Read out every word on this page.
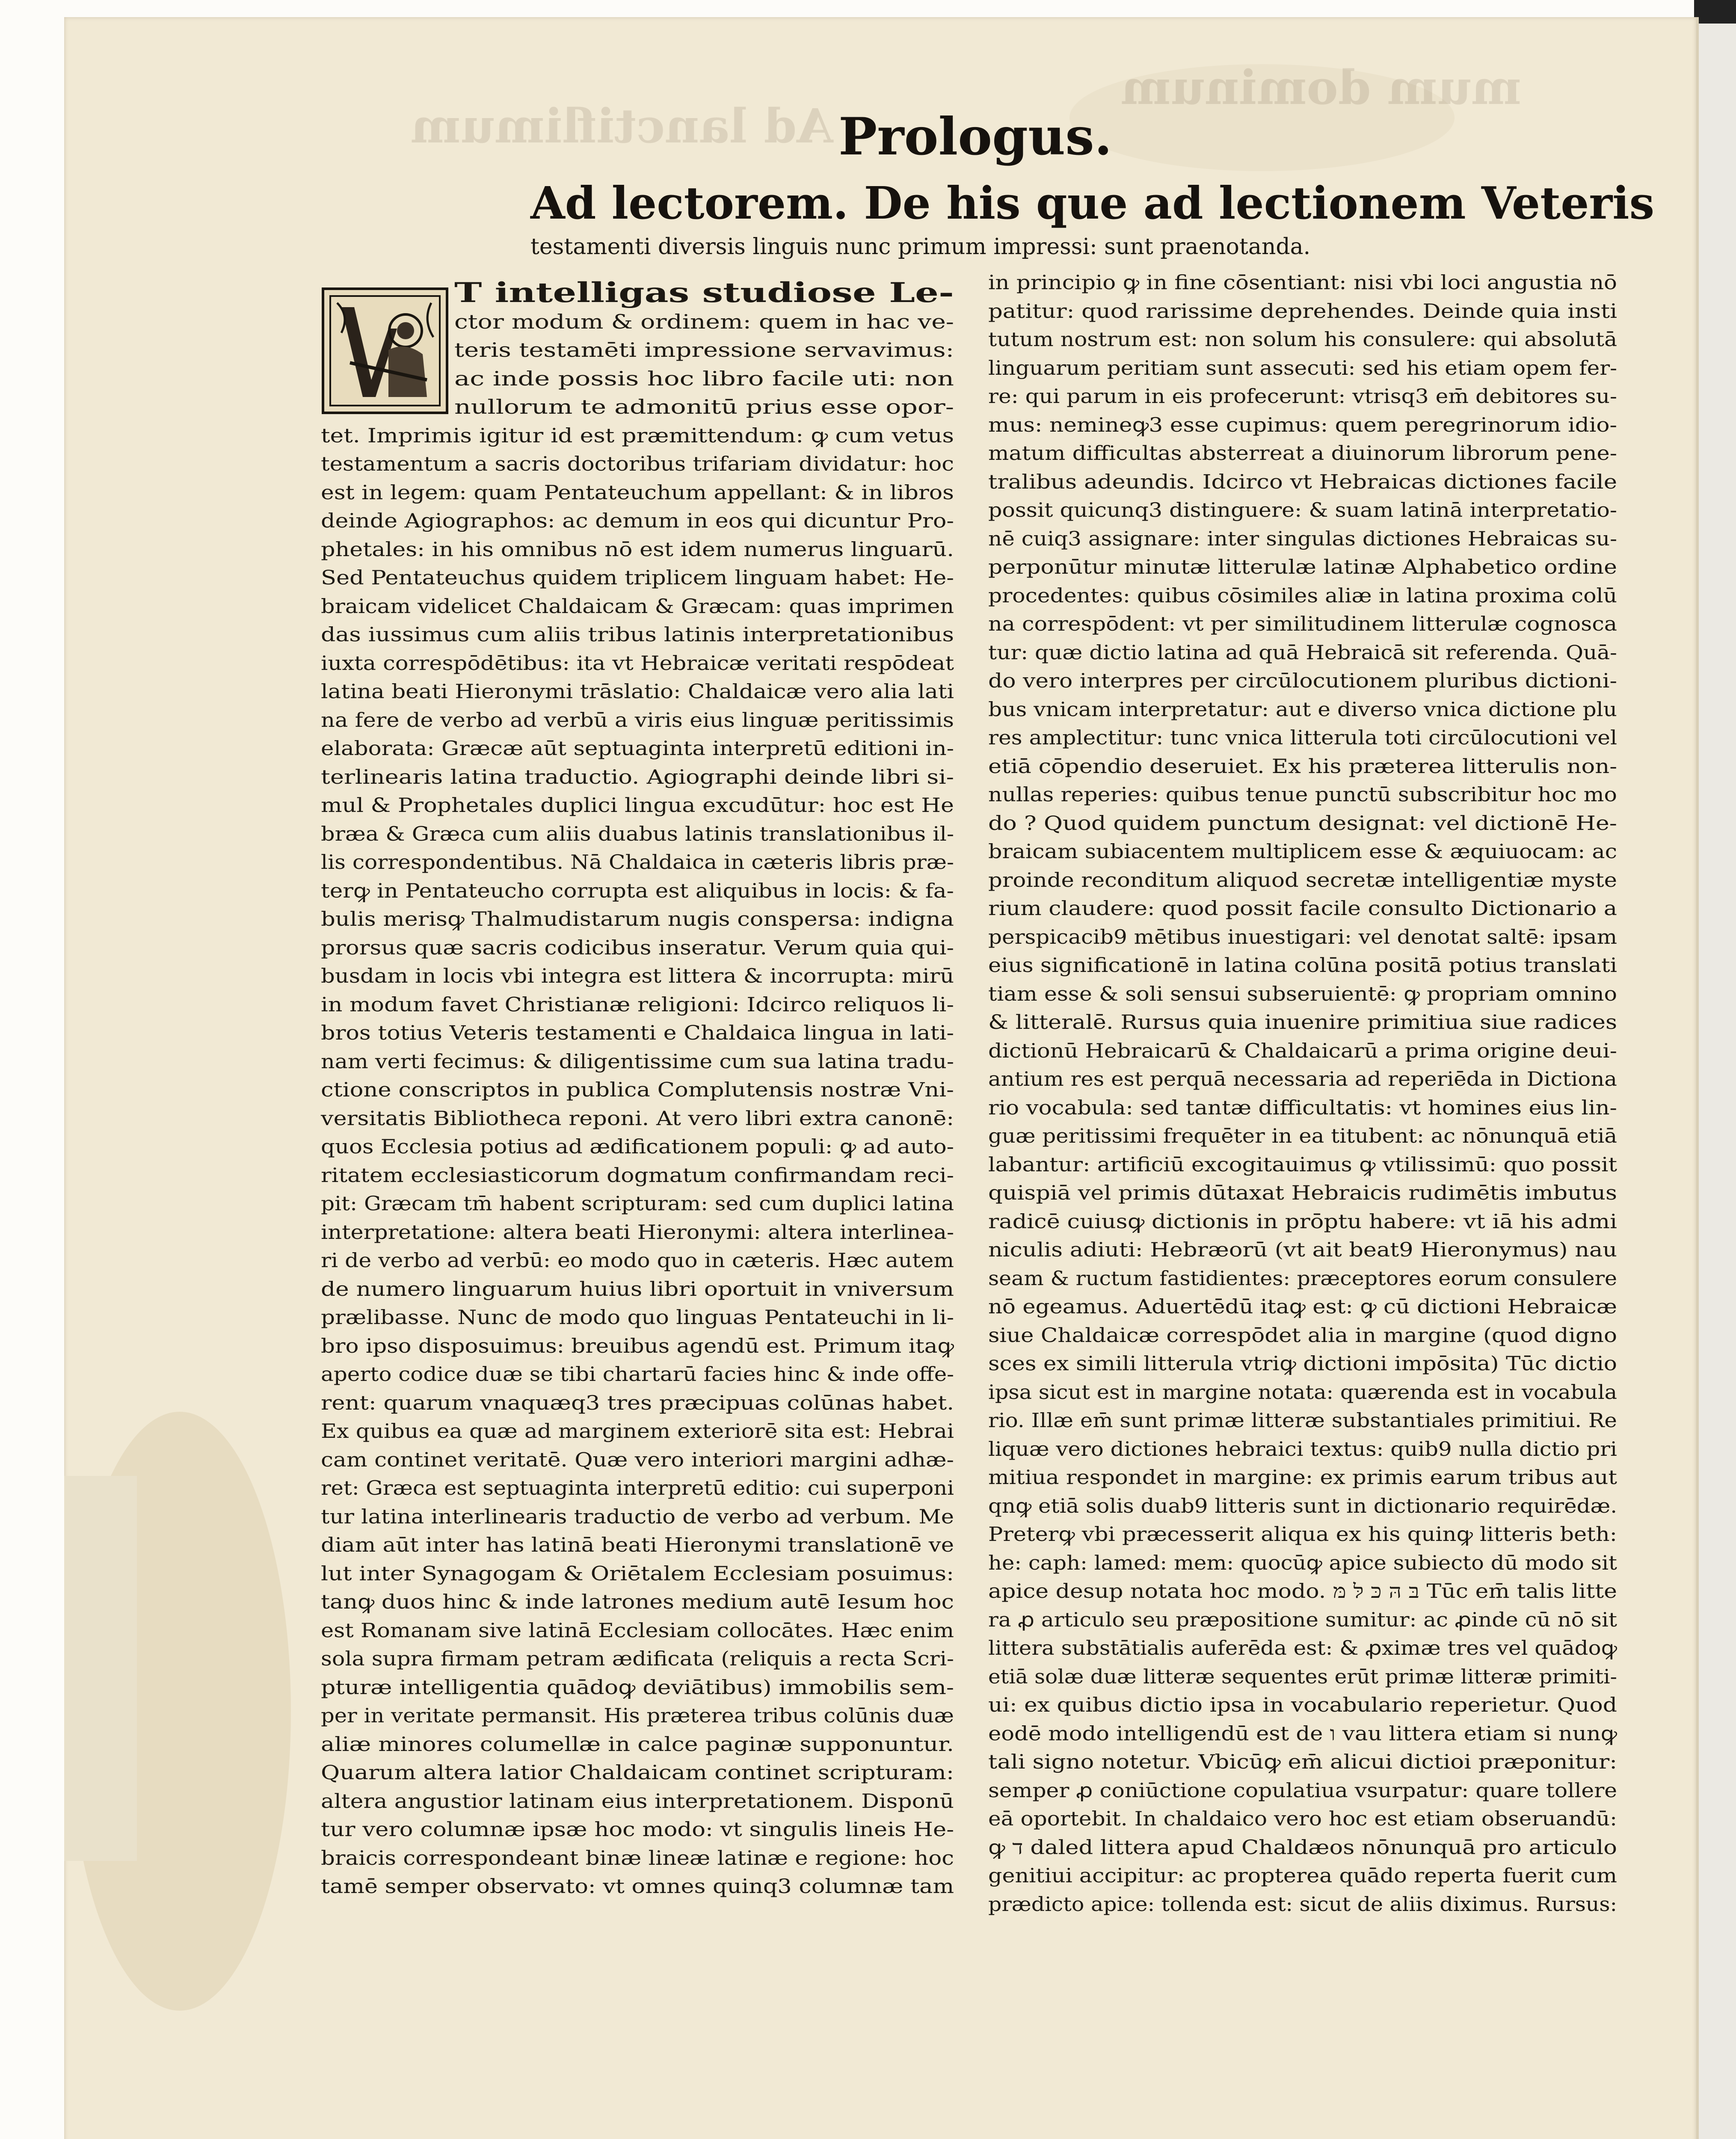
Ad lanctiflimum
mum dominum
Prologus.
Ad lectorem. De his que ad lectionem Veteris
testamenti diversis linguis nunc primum impressi: sunt praenotanda.
T intelligas studiose Le-
ctor modum & ordinem: quem in hac ve-
teris testamēti impressione servavimus:
ac inde possis hoc libro facile uti: non
nullorum te admonitū prius esse opor-
tet. Imprimis igitur id est præmittendum: ꝙ cum vetus
testamentum a sacris doctoribus trifariam dividatur: hoc
est in legem: quam Pentateuchum appellant: & in libros
deinde Agiographos: ac demum in eos qui dicuntur Pro-
phetales: in his omnibus nō est idem numerus linguarū.
Sed Pentateuchus quidem triplicem linguam habet: He-
braicam videlicet Chaldaicam & Græcam: quas imprimen
das iussimus cum aliis tribus latinis interpretationibus
iuxta correspōdētibus: ita vt Hebraicæ veritati respōdeat
latina beati Hieronymi trāslatio: Chaldaicæ vero alia lati
na fere de verbo ad verbū a viris eius linguæ peritissimis
elaborata: Græcæ aūt septuaginta interpretū editioni in-
terlinearis latina traductio. Agiographi deinde libri si-
mul & Prophetales duplici lingua excudūtur: hoc est He
bræa & Græca cum aliis duabus latinis translationibus il-
lis correspondentibus. Nā Chaldaica in cæteris libris præ-
terꝙ in Pentateucho corrupta est aliquibus in locis: & fa-
bulis merisꝙ Thalmudistarum nugis conspersa: indigna
prorsus quæ sacris codicibus inseratur. Verum quia qui-
busdam in locis vbi integra est littera & incorrupta: mirū
in modum favet Christianæ religioni: Idcirco reliquos li-
bros totius Veteris testamenti e Chaldaica lingua in lati-
nam verti fecimus: & diligentissime cum sua latina tradu-
ctione conscriptos in publica Complutensis nostræ Vni-
versitatis Bibliotheca reponi. At vero libri extra canonē:
quos Ecclesia potius ad ædificationem populi: ꝙ ad auto-
ritatem ecclesiasticorum dogmatum confirmandam reci-
pit: Græcam tm̄ habent scripturam: sed cum duplici latina
interpretatione: altera beati Hieronymi: altera interlinea-
ri de verbo ad verbū: eo modo quo in cæteris. Hæc autem
de numero linguarum huius libri oportuit in vniversum
prælibasse. Nunc de modo quo linguas Pentateuchi in li-
bro ipso disposuimus: breuibus agendū est. Primum itaꝙ
aperto codice duæ se tibi chartarū facies hinc & inde offe-
rent: quarum vnaquæq3 tres præcipuas colūnas habet.
Ex quibus ea quæ ad marginem exteriorē sita est: Hebrai
cam continet veritatē. Quæ vero interiori margini adhæ-
ret: Græca est septuaginta interpretū editio: cui superponi
tur latina interlinearis traductio de verbo ad verbum. Me
diam aūt inter has latinā beati Hieronymi translationē ve
lut inter Synagogam & Oriētalem Ecclesiam posuimus:
tanꝙ duos hinc & inde latrones medium autē Iesum hoc
est Romanam sive latinā Ecclesiam collocātes. Hæc enim
sola supra firmam petram ædificata (reliquis a recta Scri-
pturæ intelligentia quādoꝙ deviātibus) immobilis sem-
per in veritate permansit. His præterea tribus colūnis duæ
aliæ minores columellæ in calce paginæ supponuntur.
Quarum altera latior Chaldaicam continet scripturam:
altera angustior latinam eius interpretationem. Disponū
tur vero columnæ ipsæ hoc modo: vt singulis lineis He-
braicis correspondeant binæ lineæ latinæ e regione: hoc
tamē semper observato: vt omnes quinq3 columnæ tam
in principio ꝙ in fine cōsentiant: nisi vbi loci angustia nō
patitur: quod rarissime deprehendes. Deinde quia insti
tutum nostrum est: non solum his consulere: qui absolutā
linguarum peritiam sunt assecuti: sed his etiam opem fer-
re: qui parum in eis profecerunt: vtrisq3 em̄ debitores su-
mus: nemineꝙ3 esse cupimus: quem peregrinorum idio-
matum difficultas absterreat a diuinorum librorum pene-
tralibus adeundis. Idcirco vt Hebraicas dictiones facile
possit quicunq3 distinguere: & suam latinā interpretatio-
nē cuiq3 assignare: inter singulas dictiones Hebraicas su-
perponūtur minutæ litterulæ latinæ Alphabetico ordine
procedentes: quibus cōsimiles aliæ in latina proxima colū
na correspōdent: vt per similitudinem litterulæ cognosca
tur: quæ dictio latina ad quā Hebraicā sit referenda. Quā-
do vero interpres per circūlocutionem pluribus dictioni-
bus vnicam interpretatur: aut e diverso vnica dictione plu
res amplectitur: tunc vnica litterula toti circūlocutioni vel
etiā cōpendio deseruiet. Ex his præterea litterulis non-
nullas reperies: quibus tenue punctū subscribitur hoc mo
do ? Quod quidem punctum designat: vel dictionē He-
braicam subiacentem multiplicem esse & æquiuocam: ac
proinde reconditum aliquod secretæ intelligentiæ myste
rium claudere: quod possit facile consulto Dictionario a
perspicacib9 mētibus inuestigari: vel denotat saltē: ipsam
eius significationē in latina colūna positā potius translati
tiam esse & soli sensui subseruientē: ꝙ propriam omnino
& litteralē. Rursus quia inuenire primitiua siue radices
dictionū Hebraicarū & Chaldaicarū a prima origine deui-
antium res est perquā necessaria ad reperiēda in Dictiona
rio vocabula: sed tantæ difficultatis: vt homines eius lin-
guæ peritissimi frequēter in ea titubent: ac nōnunquā etiā
labantur: artificiū excogitauimus ꝙ vtilissimū: quo possit
quispiā vel primis dūtaxat Hebraicis rudimētis imbutus
radicē cuiusꝙ dictionis in prōptu habere: vt iā his admi
niculis adiuti: Hebræorū (vt ait beat9 Hieronymus) nau
seam & ructum fastidientes: præceptores eorum consulere
nō egeamus. Aduertēdū itaꝙ est: ꝙ cū dictioni Hebraicæ
siue Chaldaicæ correspōdet alia in margine (quod digno
sces ex simili litterula vtriꝙ dictioni impōsita) Tūc dictio
ipsa sicut est in margine notata: quærenda est in vocabula
rio. Illæ em̄ sunt primæ litteræ substantiales primitiui. Re
liquæ vero dictiones hebraici textus: quib9 nulla dictio pri
mitiua respondet in margine: ex primis earum tribus aut
qnꝙ etiā solis duab9 litteris sunt in dictionario requirēdæ.
Preterꝙ vbi præcesserit aliqua ex his quinꝙ litteris beth:
he: caph: lamed: mem: quocūꝙ apice subiecto dū modo sit
apice desup notata hoc modo. בּ הּ כּ לּ מּ Tūc em̄ talis litte
ra ꝓ articulo seu præpositione sumitur: ac ꝓinde cū nō sit
littera substātialis auferēda est: & ꝓximæ tres vel quādoꝙ
etiā solæ duæ litteræ sequentes erūt primæ litteræ primiti-
ui: ex quibus dictio ipsa in vocabulario reperietur. Quod
eodē modo intelligendū est de ו vau littera etiam si nunꝙ
tali signo notetur. Vbicūꝙ em̄ alicui dictioi præponitur:
semper ꝓ coniūctione copulatiua vsurpatur: quare tollere
eā oportebit. In chaldaico vero hoc est etiam obseruandū:
ꝙ ד daled littera apud Chaldæos nōnunquā pro articulo
genitiui accipitur: ac propterea quādo reperta fuerit cum
prædicto apice: tollenda est: sicut de aliis diximus. Rursus:
